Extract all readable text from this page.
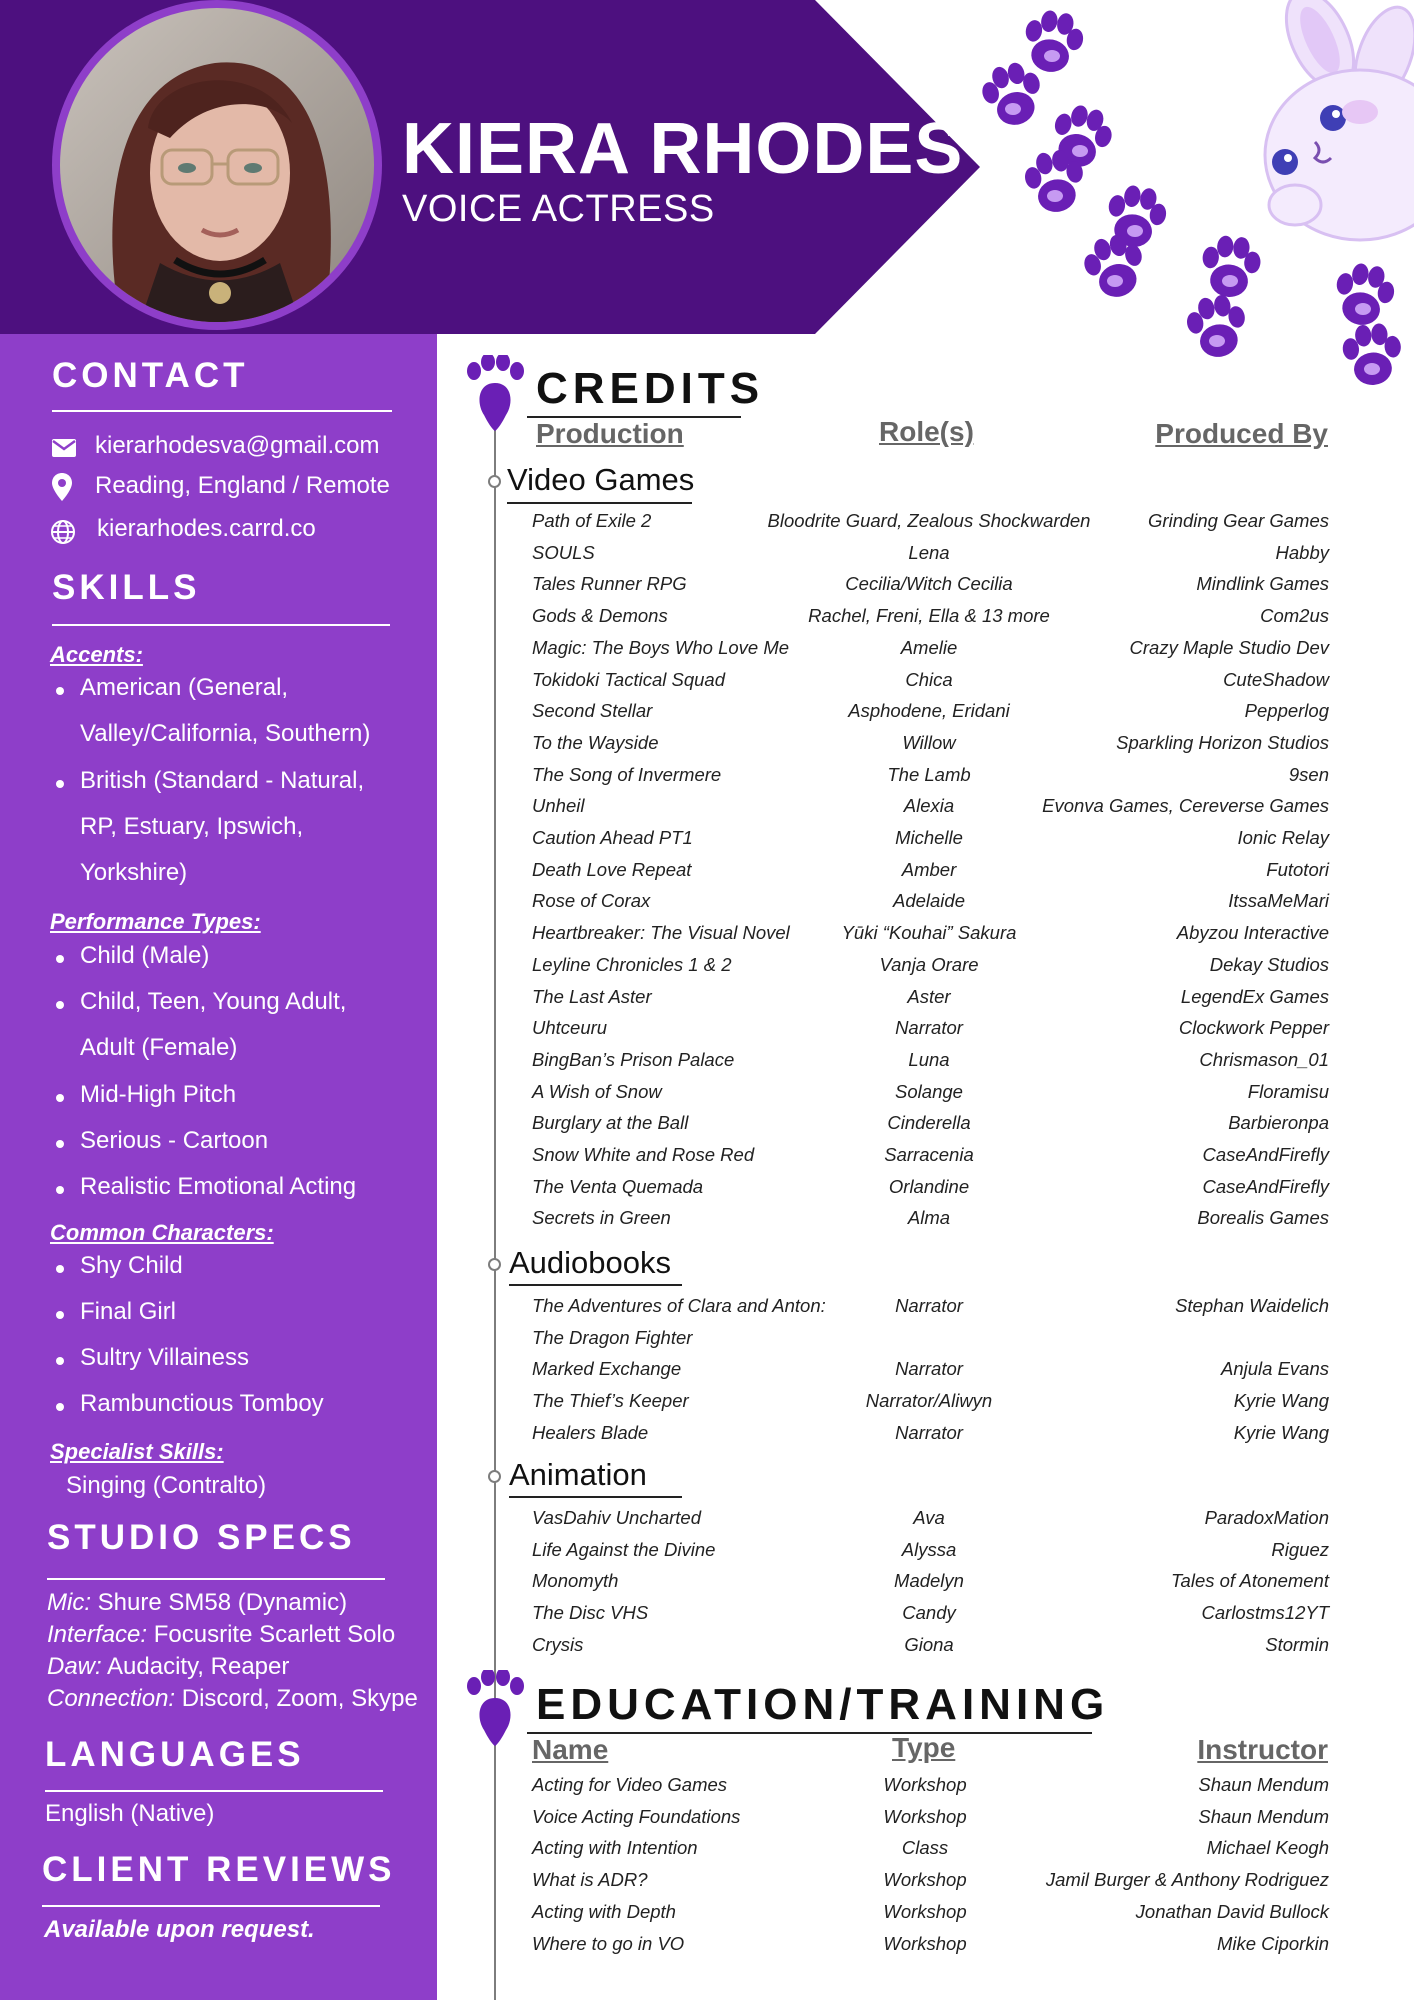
KIERA RHODES
VOICE ACTRESS
CONTACT
kierarhodesva@gmail.com
Reading, England / Remote
kierarhodes.carrd.co
SKILLS
Accents:
American (General,
Valley/California, Southern)
British (Standard - Natural,
RP, Estuary, Ipswich,
Yorkshire)
Performance Types:
Child (Male)
Child, Teen, Young Adult,
Adult (Female)
Mid-High Pitch
Serious - Cartoon
Realistic Emotional Acting
Common Characters:
Shy Child
Final Girl
Sultry Villainess
Rambunctious Tomboy
Specialist Skills:
Singing (Contralto)
STUDIO SPECS
Mic: Shure SM58 (Dynamic)
Interface: Focusrite Scarlett Solo
Daw: Audacity, Reaper
Connection: Discord, Zoom, Skype
LANGUAGES
English (Native)
CLIENT REVIEWS
Available upon request.
CREDITS
Production	Role(s)	Produced By
Video Games
Path of Exile 2	Bloodrite Guard, Zealous Shockwarden	Grinding Gear Games
SOULS	Lena	Habby
Tales Runner RPG	Cecilia/Witch Cecilia	Mindlink Games
Gods & Demons	Rachel, Freni, Ella & 13 more	Com2us
Magic: The Boys Who Love Me	Amelie	Crazy Maple Studio Dev
Tokidoki Tactical Squad	Chica	CuteShadow
Second Stellar	Asphodene, Eridani	Pepperlog
To the Wayside	Willow	Sparkling Horizon Studios
The Song of Invermere	The Lamb	9sen
Unheil	Alexia	Evonva Games, Cereverse Games
Caution Ahead PT1	Michelle	Ionic Relay
Death Love Repeat	Amber	Futotori
Rose of Corax	Adelaide	ItssaMeMari
Heartbreaker: The Visual Novel	Yūki “Kouhai” Sakura	Abyzou Interactive
Leyline Chronicles 1 & 2	Vanja Orare	Dekay Studios
The Last Aster	Aster	LegendEx Games
Uhtceuru	Narrator	Clockwork Pepper
BingBan’s Prison Palace	Luna	Chrismason_01
A Wish of Snow	Solange	Floramisu
Burglary at the Ball	Cinderella	Barbieronpa
Snow White and Rose Red	Sarracenia	CaseAndFirefly
The Venta Quemada	Orlandine	CaseAndFirefly
Secrets in Green	Alma	Borealis Games
Audiobooks
The Adventures of Clara and Anton:	Narrator	Stephan Waidelich
The Dragon Fighter
Marked Exchange	Narrator	Anjula Evans
The Thief’s Keeper	Narrator/Aliwyn	Kyrie Wang
Healers Blade	Narrator	Kyrie Wang
Animation
VasDahiv Uncharted	Ava	ParadoxMation
Life Against the Divine	Alyssa	Riguez
Monomyth	Madelyn	Tales of Atonement
The Disc VHS	Candy	Carlostms12YT
Crysis	Giona	Stormin
EDUCATION/TRAINING
Name	Type	Instructor
Acting for Video Games	Workshop	Shaun Mendum
Voice Acting Foundations	Workshop	Shaun Mendum
Acting with Intention	Class	Michael Keogh
What is ADR?	Workshop	Jamil Burger & Anthony Rodriguez
Acting with Depth	Workshop	Jonathan David Bullock
Where to go in VO	Workshop	Mike Ciporkin
